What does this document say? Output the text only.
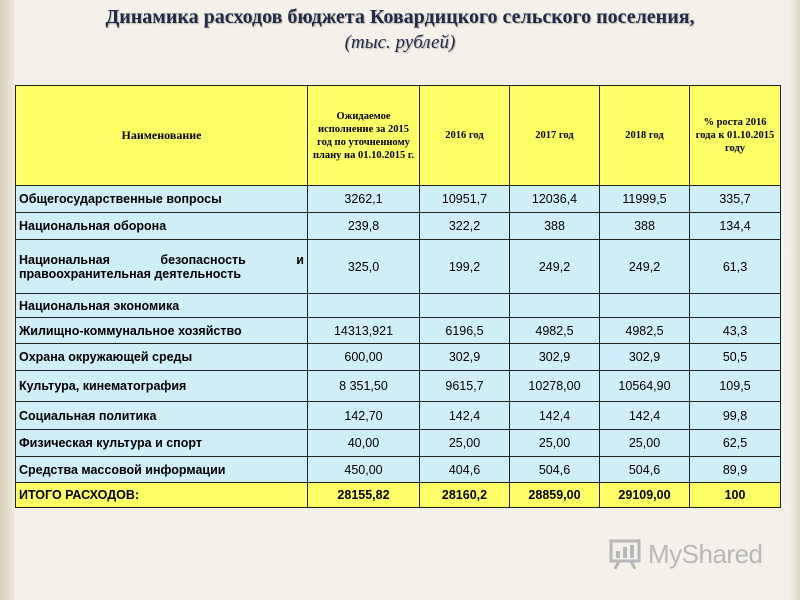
Динамика расходов бюджета Ковардицкого сельского поселения,
(тыс. рублей)
Наименование	Ожидаемое исполнение за 2015 год по уточненному плану на 01.10.2015 г.	2016 год	2017 год	2018 год	% роста 2016 года к 01.10.2015 году
Общегосударственные вопросы	3262,1	10951,7	12036,4	11999,5	335,7
Национальная оборона	239,8	322,2	388	388	134,4

Национальная безопасность и
правоохранительная деятельность	325,0	199,2	249,2	249,2	61,3
Национальная экономика					
Жилищно-коммунальное хозяйство	14313,921	6196,5	4982,5	4982,5	43,3
Охрана окружающей среды	600,00	302,9	302,9	302,9	50,5
Культура, кинематография	8 351,50	9615,7	10278,00	10564,90	109,5
Социальная политика	142,70	142,4	142,4	142,4	99,8
Физическая культура и спорт	40,00	25,00	25,00	25,00	62,5
Средства массовой информации	450,00	404,6	504,6	504,6	89,9
ИТОГО РАСХОДОВ:	28155,82	28160,2	28859,00	29109,00	100
MyShared
